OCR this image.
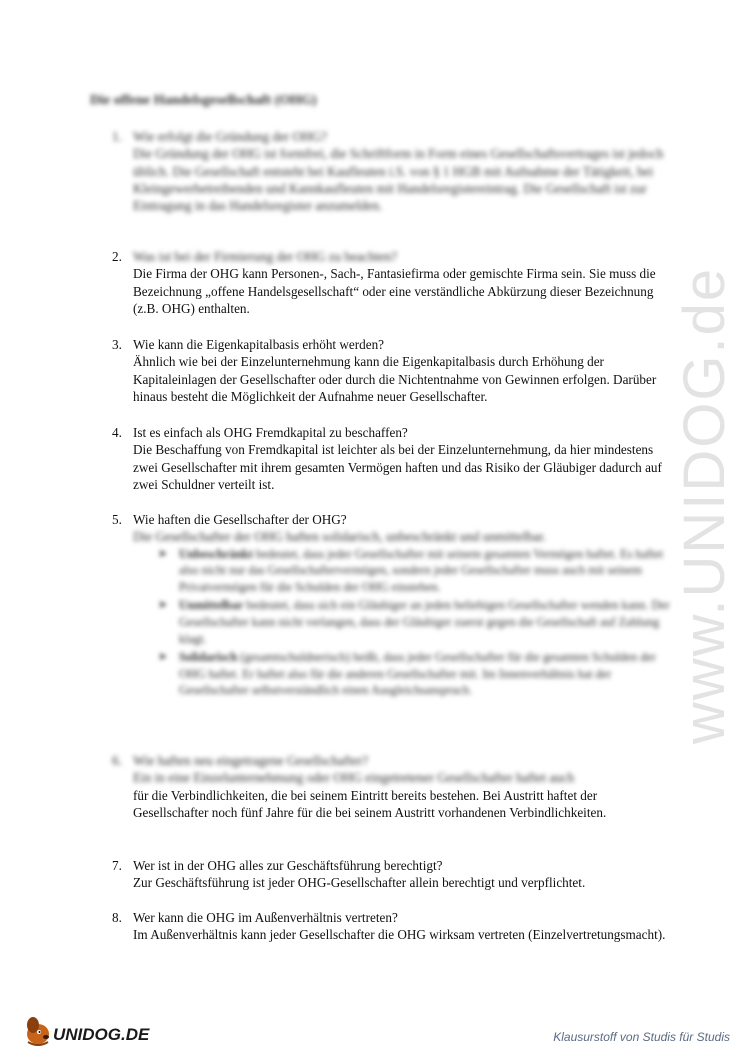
Die offene Handelsgesellschaft (OHG)
1. Wie erfolgt die Gründung der OHG?
Die Gründung der OHG ist formfrei, die Schriftform in Form eines Gesellschaftsvertrages ist jedoch üblich. Die Gesellschaft entsteht bei Kaufleuten i.S. von § 1 HGB mit Aufnahme der Tätigkeit, bei Kleingewerbetreibenden und Kannkaufleuten mit Handelsregistereintrag. Die Gesellschaft ist zur Eintragung in das Handelsregister anzumelden.
2. Was ist bei der Firmierung der OHG zu beachten?
Die Firma der OHG kann Personen-, Sach-, Fantasiefirma oder gemischte Firma sein. Sie muss die Bezeichnung „offene Handelsgesellschaft“ oder eine verständliche Abkürzung dieser Bezeichnung (z.B. OHG) enthalten.
3. Wie kann die Eigenkapitalbasis erhöht werden?
Ähnlich wie bei der Einzelunternehmung kann die Eigenkapitalbasis durch Erhöhung der Kapitaleinlagen der Gesellschafter oder durch die Nichtentnahme von Gewinnen erfolgen. Darüber hinaus besteht die Möglichkeit der Aufnahme neuer Gesellschafter.
4. Ist es einfach als OHG Fremdkapital zu beschaffen?
Die Beschaffung von Fremdkapital ist leichter als bei der Einzelunternehmung, da hier mindestens zwei Gesellschafter mit ihrem gesamten Vermögen haften und das Risiko der Gläubiger dadurch auf zwei Schuldner verteilt ist.
5. Wie haften die Gesellschafter der OHG?
Die Gesellschafter der OHG haften solidarisch, unbeschränkt und unmittelbar.
➤ Unbeschränkt bedeutet, dass jeder Gesellschafter mit seinem gesamten Vermögen haftet. Es haftet also nicht nur das Gesellschaftervermögen, sondern jeder Gesellschafter muss auch mit seinem Privatvermögen für die Schulden der OHG einstehen.
➤ Unmittelbar bedeutet, dass sich ein Gläubiger an jeden beliebigen Gesellschafter wenden kann. Der Gesellschafter kann nicht verlangen, dass der Gläubiger zuerst gegen die Gesellschaft auf Zahlung klagt.
➤ Solidarisch (gesamtschuldnerisch) heißt, dass jeder Gesellschafter für die gesamten Schulden der OHG haftet. Er haftet also für die anderen Gesellschafter mit. Im Innenverhältnis hat der Gesellschafter selbstverständlich einen Ausgleichsanspruch.
6. Wie haften neu eingetragene Gesellschafter?
Ein in eine Einzelunternehmung oder OHG eingetretener Gesellschafter haftet auch
für die Verbindlichkeiten, die bei seinem Eintritt bereits bestehen. Bei Austritt haftet der Gesellschafter noch fünf Jahre für die bei seinem Austritt vorhandenen Verbindlichkeiten.
7. Wer ist in der OHG alles zur Geschäftsführung berechtigt?
Zur Geschäftsführung ist jeder OHG-Gesellschafter allein berechtigt und verpflichtet.
8. Wer kann die OHG im Außenverhältnis vertreten?
Im Außenverhältnis kann jeder Gesellschafter die OHG wirksam vertreten (Einzelvertretungsmacht).
www.UNIDOG.de
UNIDOG.DE	Klausurstoff von Studis für Studis
